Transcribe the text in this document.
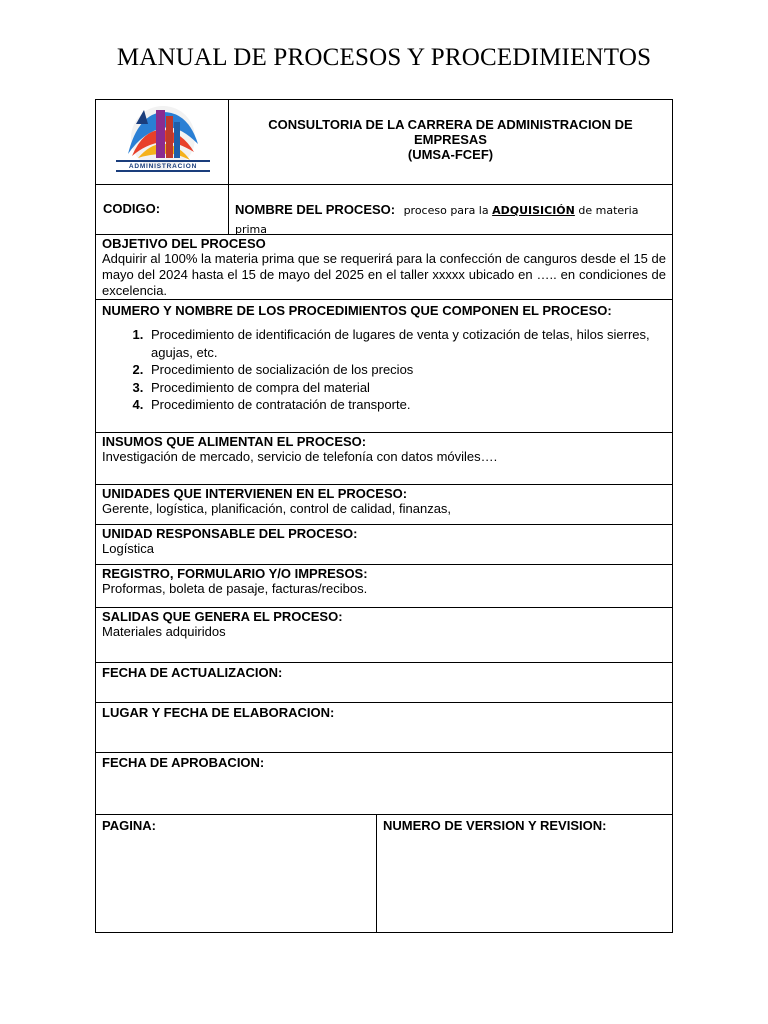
MANUAL DE PROCESOS Y PROCEDIMIENTOS
ADMINISTRACION
CONSULTORIA DE LA CARRERA DE ADMINISTRACION DE EMPRESAS
(UMSA-FCEF)
CODIGO:	NOMBRE DEL PROCESO: proceso para la ADQUISICIÓN de materia prima
OBJETIVO DEL PROCESO
Adquirir al 100% la materia prima que se requerirá para la confección de canguros desde el 15 de mayo del 2024 hasta el 15 de mayo del 2025 en el taller xxxxx ubicado en ….. en condiciones de excelencia.
NUMERO Y NOMBRE DE LOS PROCEDIMIENTOS QUE COMPONEN EL PROCESO:
1. Procedimiento de identificación de lugares de venta y cotización de telas, hilos sierres, agujas, etc.
2. Procedimiento de socialización de los precios
3. Procedimiento de compra del material
4. Procedimiento de contratación de transporte.
INSUMOS QUE ALIMENTAN EL PROCESO:
Investigación de mercado, servicio de telefonía con datos móviles….
UNIDADES QUE INTERVIENEN EN EL PROCESO:
Gerente, logística, planificación, control de calidad, finanzas,
UNIDAD RESPONSABLE DEL PROCESO:
Logística
REGISTRO, FORMULARIO Y/O IMPRESOS:
Proformas, boleta de pasaje, facturas/recibos.
SALIDAS QUE GENERA EL PROCESO:
Materiales adquiridos
FECHA DE ACTUALIZACION:
LUGAR Y FECHA DE ELABORACION:
FECHA DE APROBACION:
PAGINA:	NUMERO DE VERSION Y REVISION:
